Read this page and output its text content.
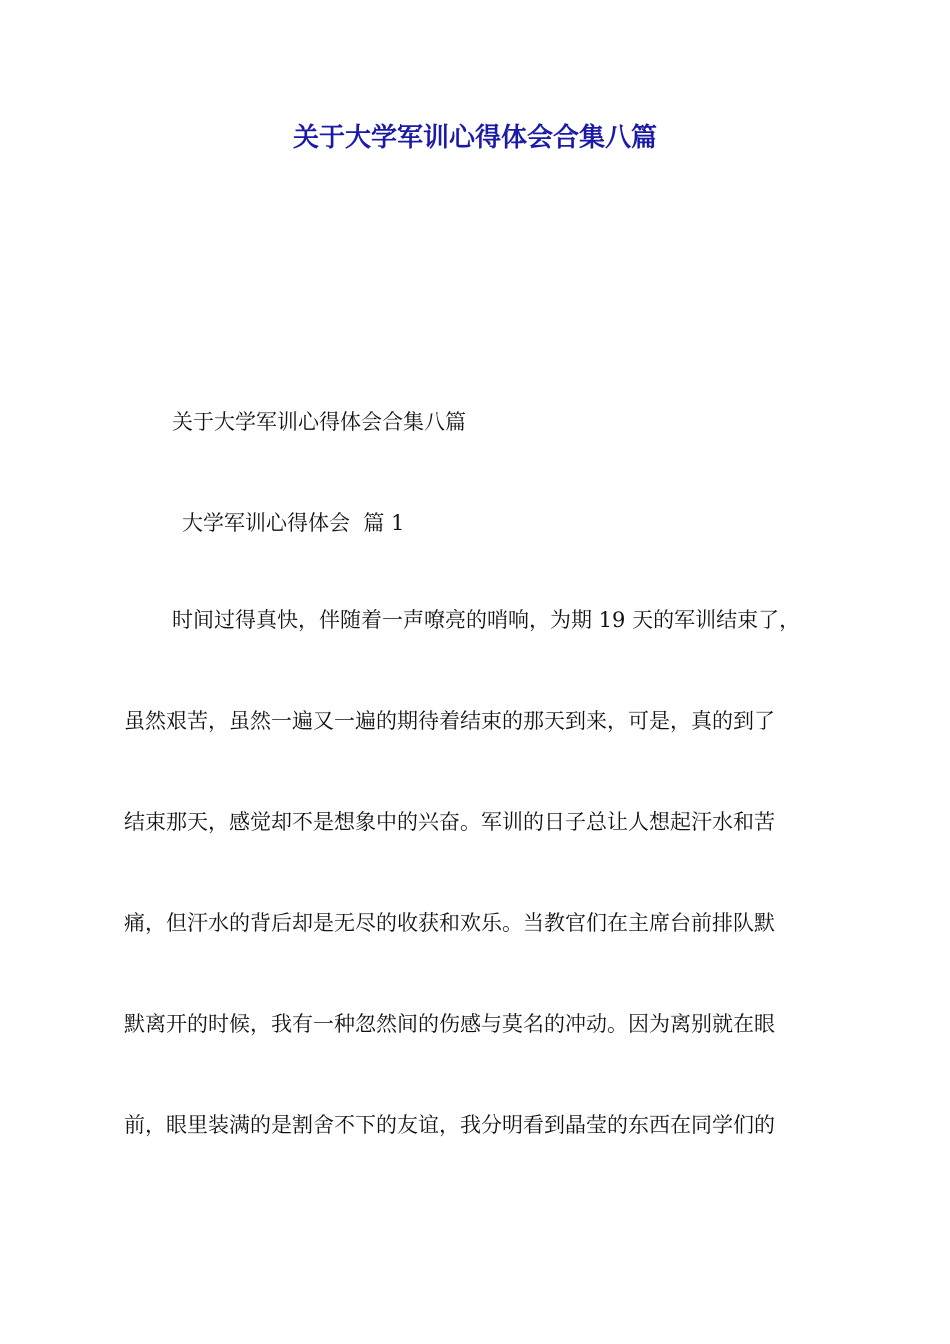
关于大学军训心得体会合集八篇

关于大学军训心得体会合集八篇

大学军训心得体会  篇 1

时间过得真快，伴随着一声嘹亮的哨响，为期 19 天的军训结束了，
虽然艰苦，虽然一遍又一遍的期待着结束的那天到来，可是，真的到了
结束那天，感觉却不是想象中的兴奋。军训的日子总让人想起汗水和苦
痛，但汗水的背后却是无尽的收获和欢乐。当教官们在主席台前排队默
默离开的时候，我有一种忽然间的伤感与莫名的冲动。因为离别就在眼
前，眼里装满的是割舍不下的友谊，我分明看到晶莹的东西在同学们的
